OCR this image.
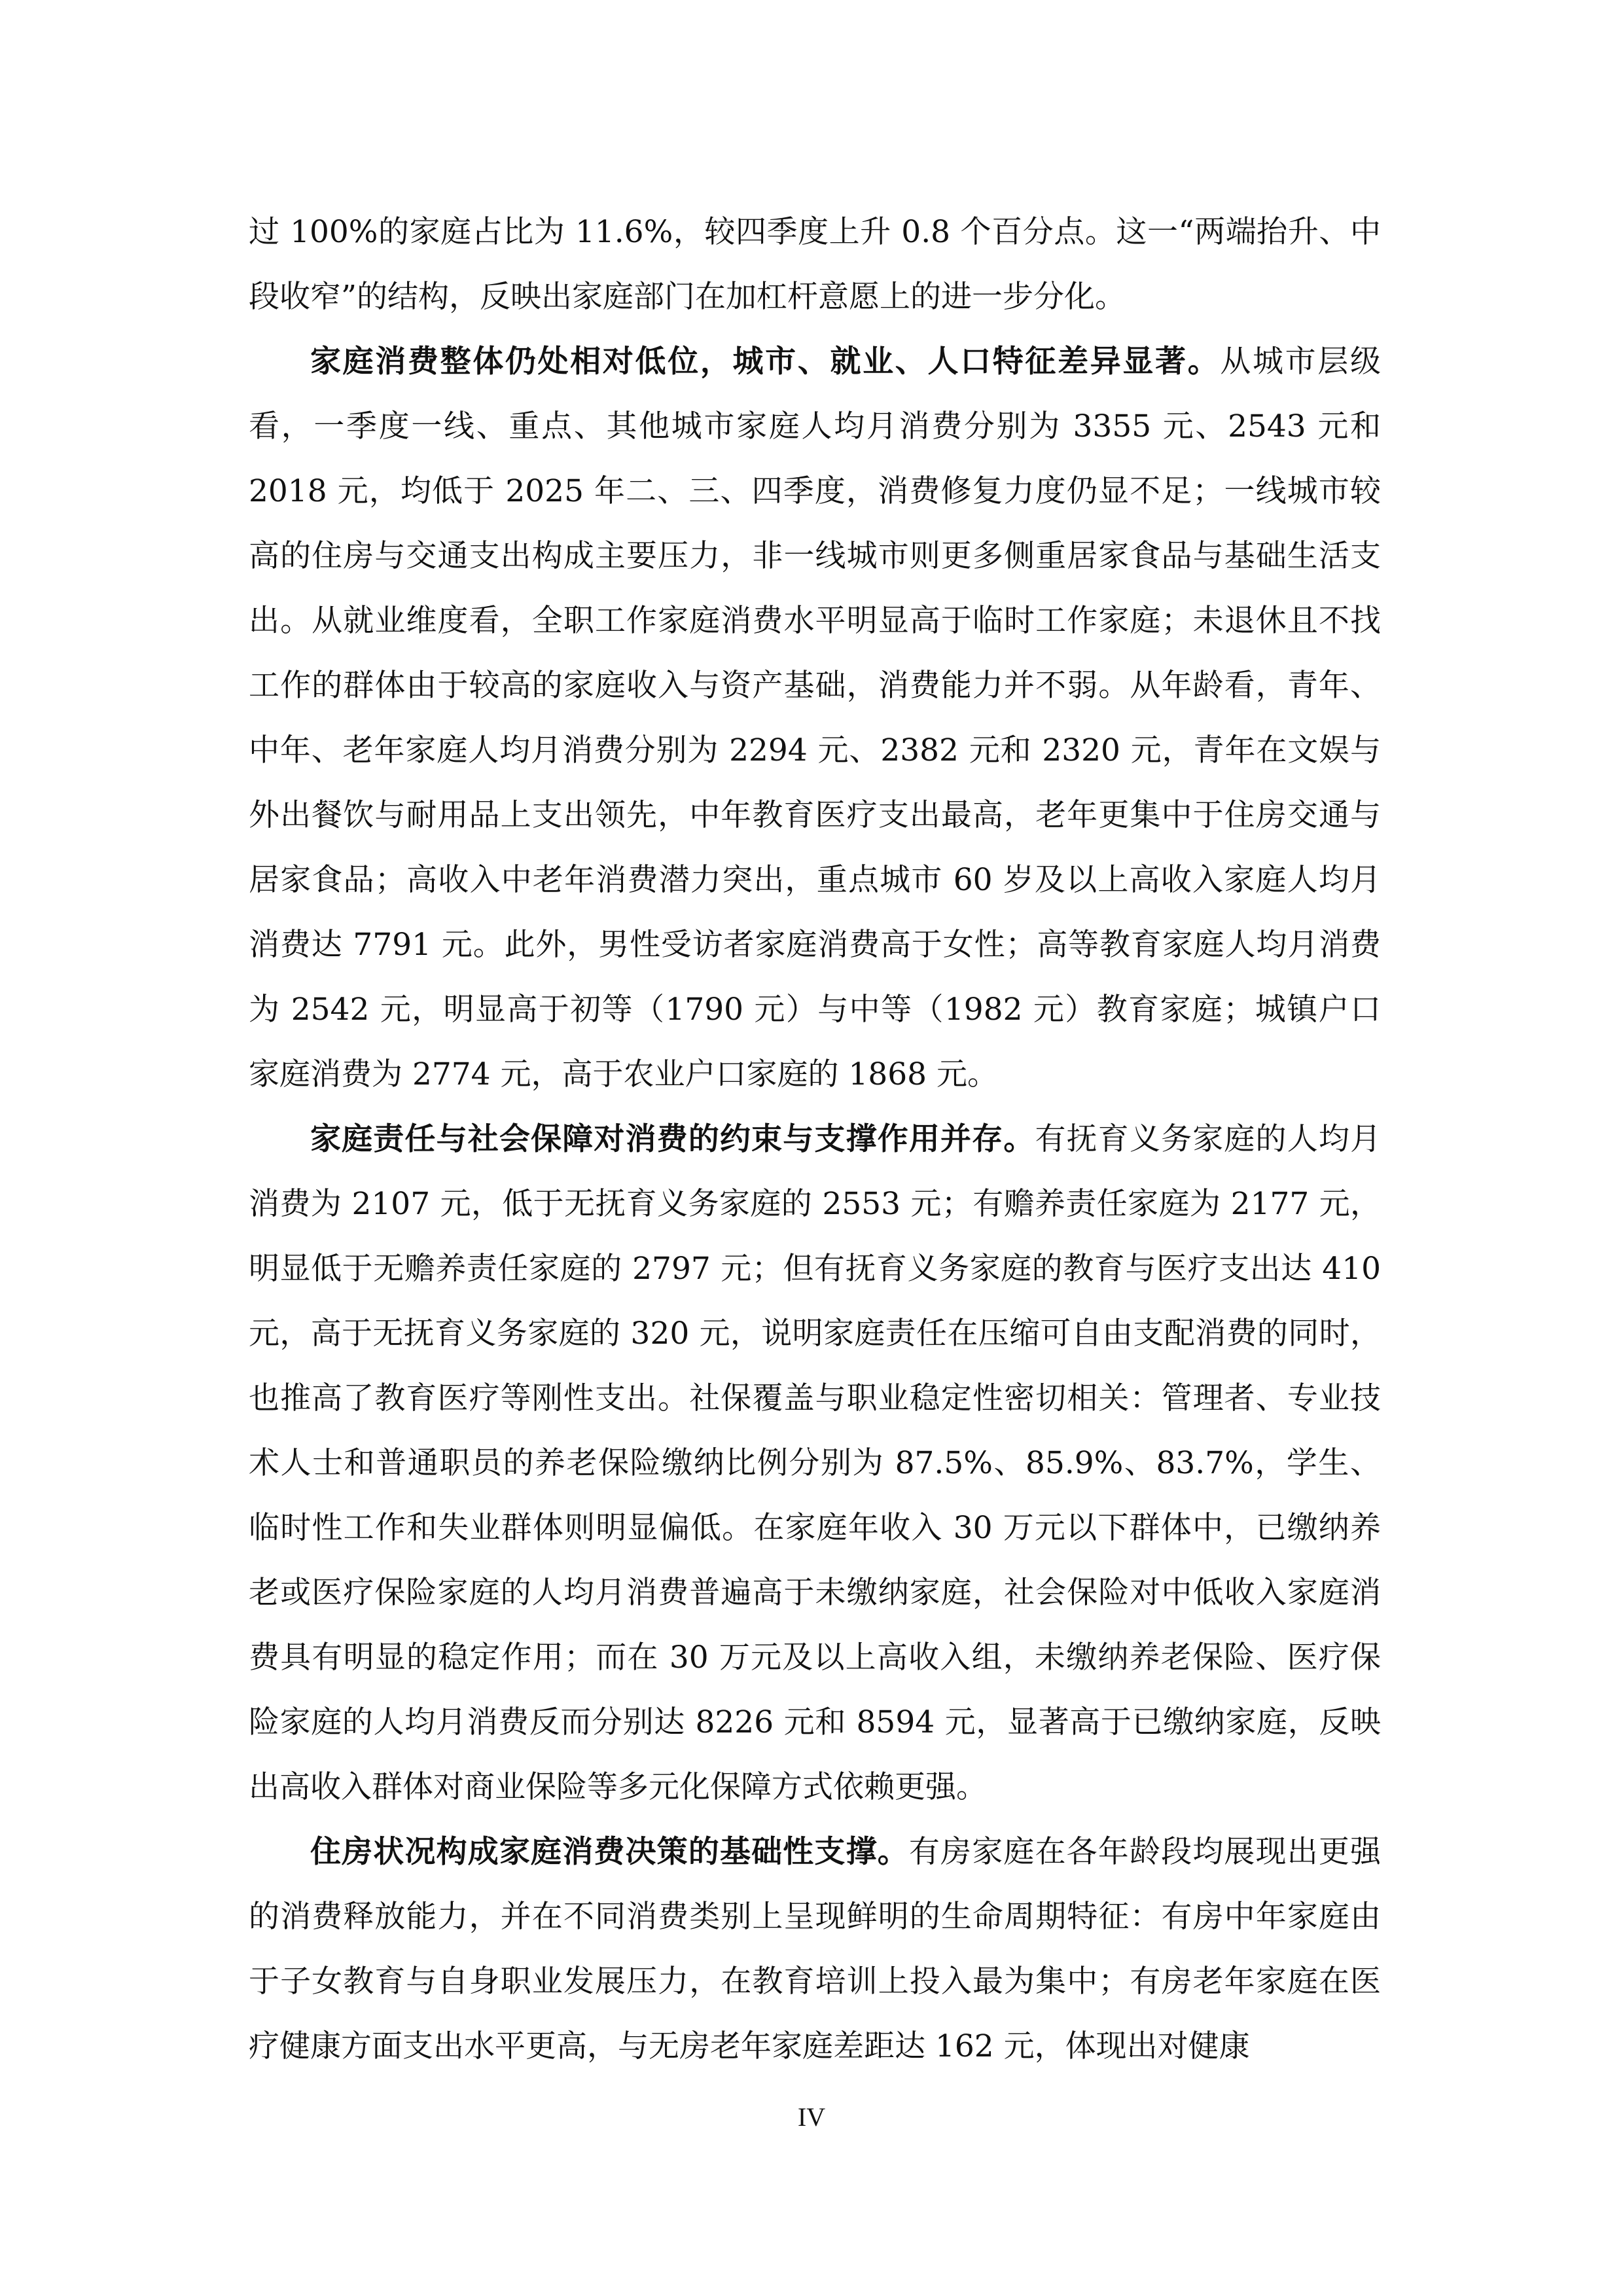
过 100%的家庭占比为 11.6%，较四季度上升 0.8 个百分点。这一“两端抬升、中段收窄”的结构，反映出家庭部门在加杠杆意愿上的进一步分化。

家庭消费整体仍处相对低位，城市、就业、人口特征差异显著。从城市层级看，一季度一线、重点、其他城市家庭人均月消费分别为 3355 元、2543 元和 2018 元，均低于 2025 年二、三、四季度，消费修复力度仍显不足；一线城市较高的住房与交通支出构成主要压力，非一线城市则更多侧重居家食品与基础生活支出。从就业维度看，全职工作家庭消费水平明显高于临时工作家庭；未退休且不找工作的群体由于较高的家庭收入与资产基础，消费能力并不弱。从年龄看，青年、中年、老年家庭人均月消费分别为 2294 元、2382 元和 2320 元，青年在文娱与外出餐饮与耐用品上支出领先，中年教育医疗支出最高，老年更集中于住房交通与居家食品；高收入中老年消费潜力突出，重点城市 60 岁及以上高收入家庭人均月消费达 7791 元。此外，男性受访者家庭消费高于女性；高等教育家庭人均月消费为 2542 元，明显高于初等（1790 元）与中等（1982 元）教育家庭；城镇户口家庭消费为 2774 元，高于农业户口家庭的 1868 元。

家庭责任与社会保障对消费的约束与支撑作用并存。有抚育义务家庭的人均月消费为 2107 元，低于无抚育义务家庭的 2553 元；有赡养责任家庭为 2177 元，明显低于无赡养责任家庭的 2797 元；但有抚育义务家庭的教育与医疗支出达 410 元，高于无抚育义务家庭的 320 元，说明家庭责任在压缩可自由支配消费的同时，也推高了教育医疗等刚性支出。社保覆盖与职业稳定性密切相关：管理者、专业技术人士和普通职员的养老保险缴纳比例分别为 87.5%、85.9%、83.7%，学生、临时性工作和失业群体则明显偏低。在家庭年收入 30 万元以下群体中，已缴纳养老或医疗保险家庭的人均月消费普遍高于未缴纳家庭，社会保险对中低收入家庭消费具有明显的稳定作用；而在 30 万元及以上高收入组，未缴纳养老保险、医疗保险家庭的人均月消费反而分别达 8226 元和 8594 元，显著高于已缴纳家庭，反映出高收入群体对商业保险等多元化保障方式依赖更强。

住房状况构成家庭消费决策的基础性支撑。有房家庭在各年龄段均展现出更强的消费释放能力，并在不同消费类别上呈现鲜明的生命周期特征：有房中年家庭由于子女教育与自身职业发展压力，在教育培训上投入最为集中；有房老年家庭在医疗健康方面支出水平更高，与无房老年家庭差距达 162 元，体现出对健康

IV
